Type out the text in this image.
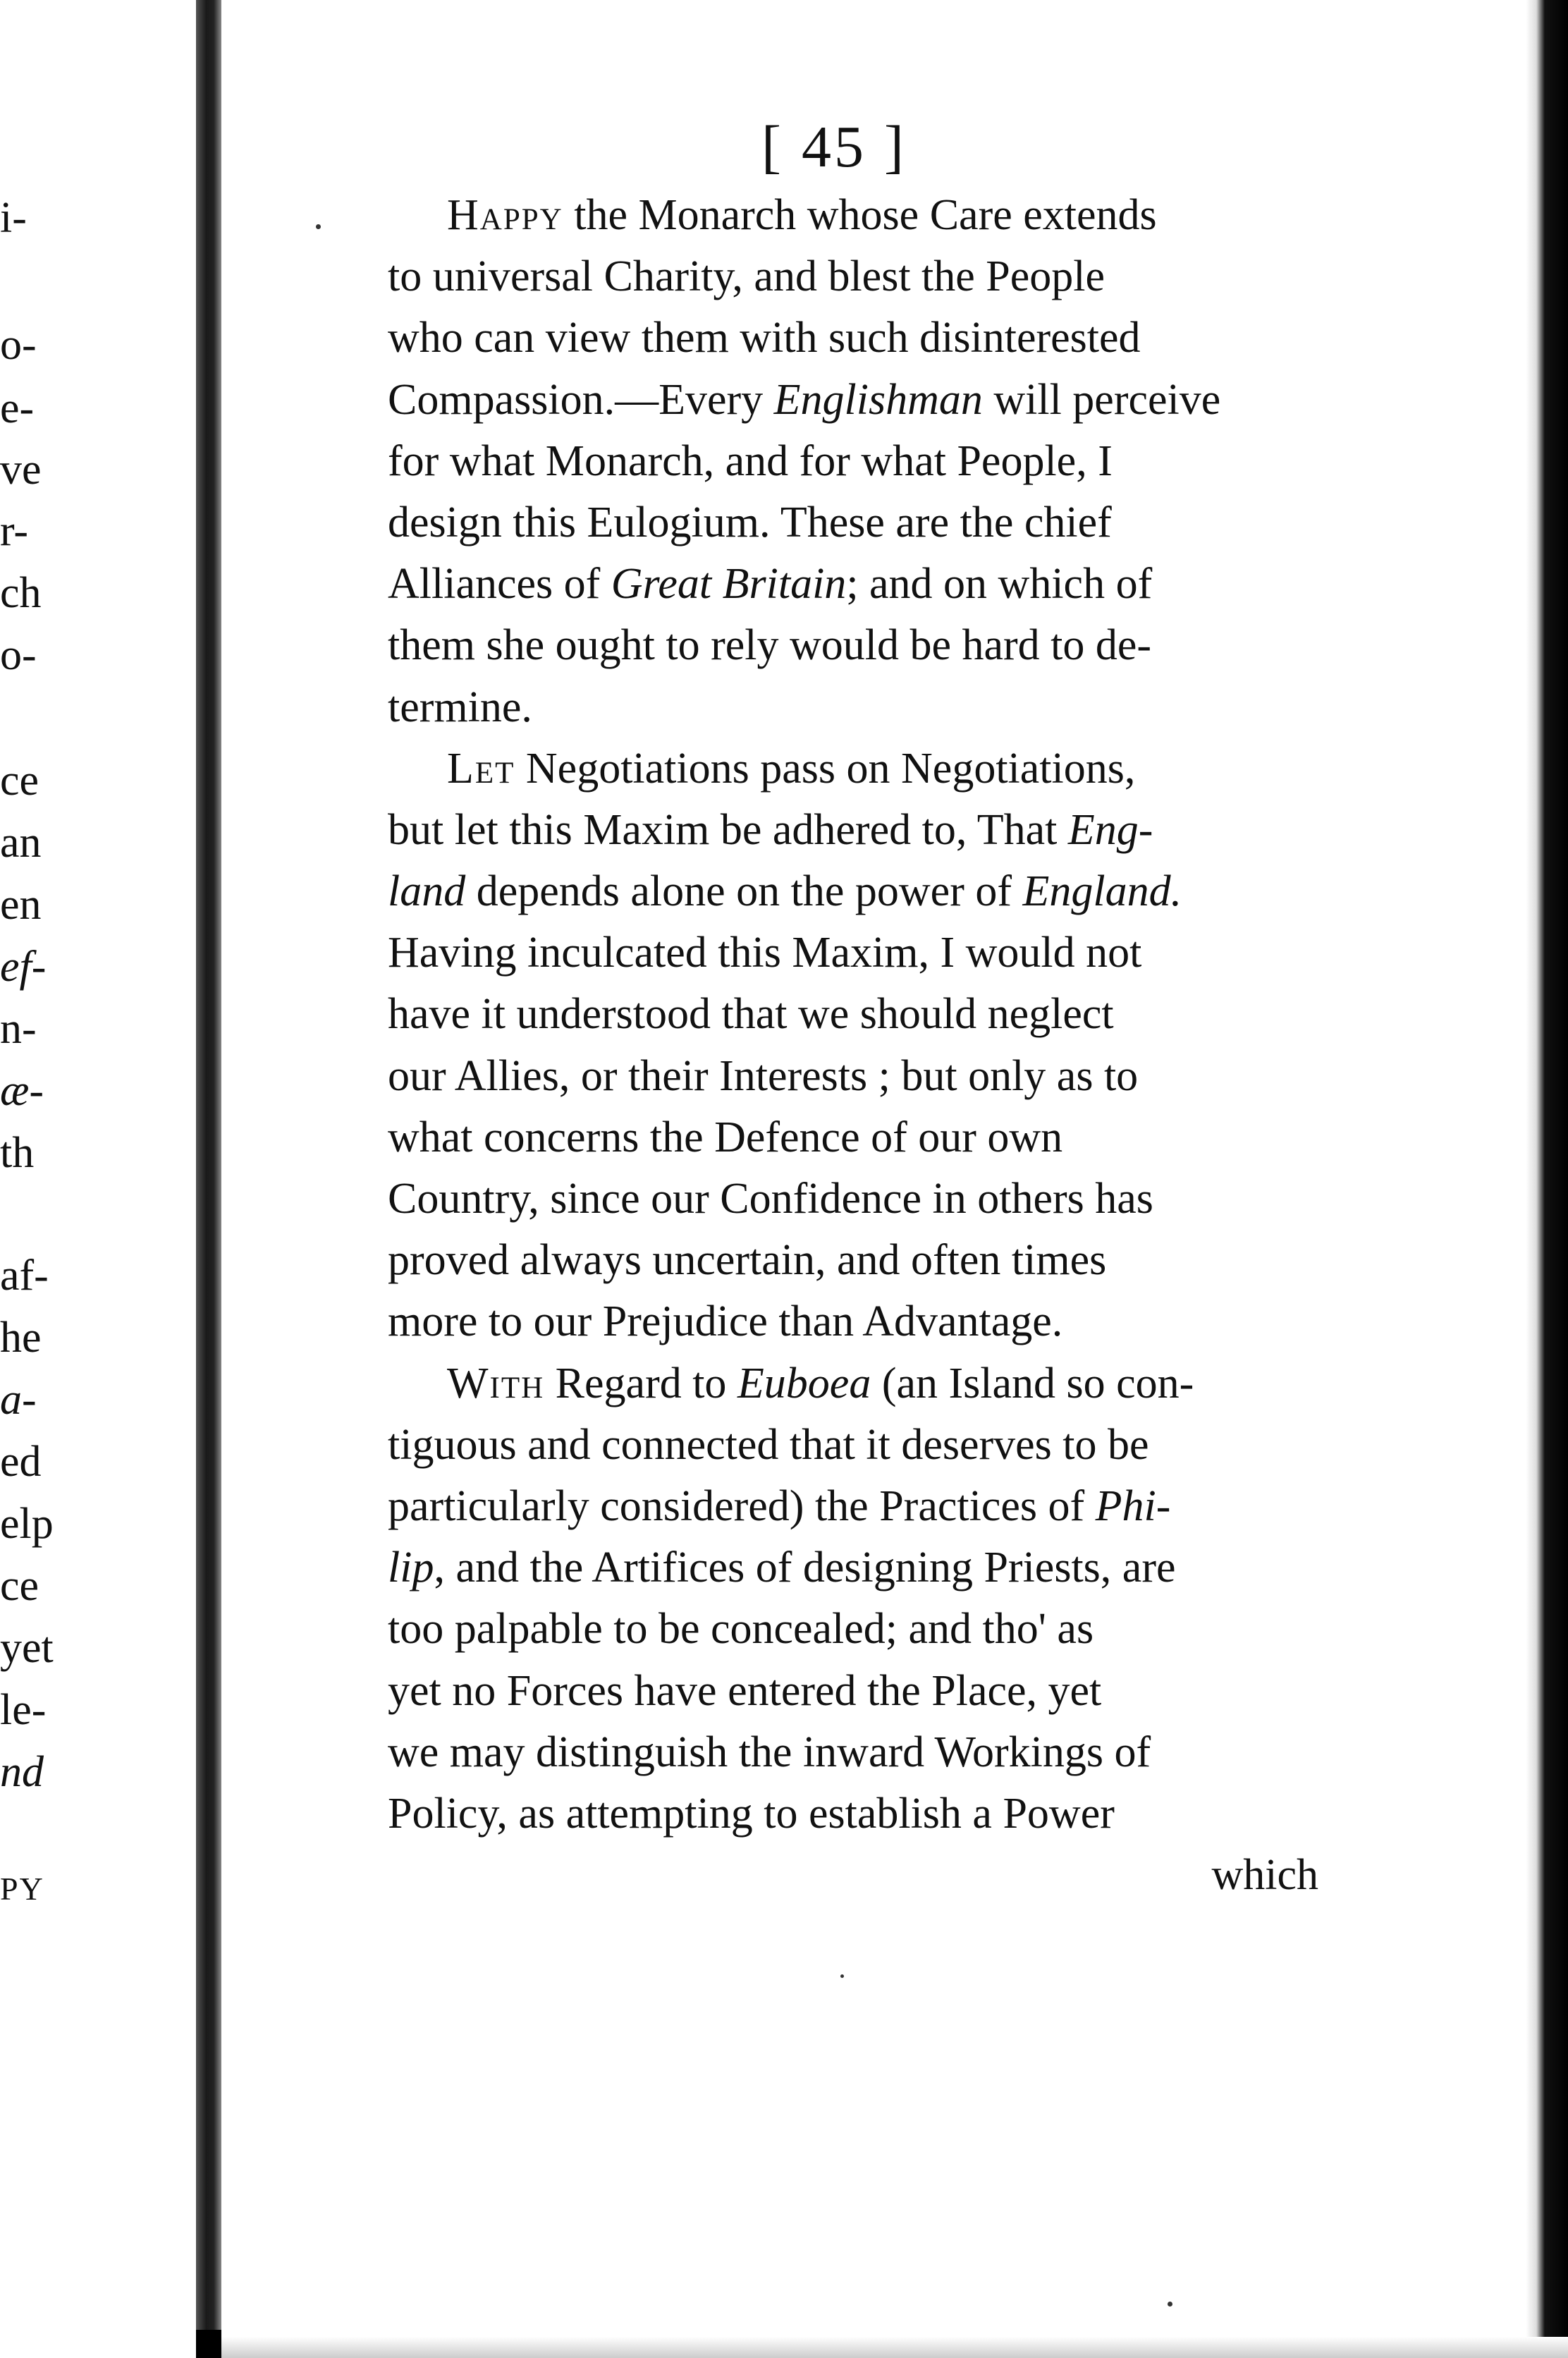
i-
o-
e-
ve
r-
ch
o-
ce
an
en
ef-
n-
æ-
th
af-
he
a-
ed
elp
ce
yet
le-
nd
PY
[ 45 ]
Happy the Monarch whose Care extends
to universal Charity, and blest the People
who can view them with such disinterested
Compassion.—Every Englishman will perceive
for what Monarch, and for what People, I
design this Eulogium. These are the chief
Alliances of Great Britain; and on which of
them she ought to rely would be hard to de-
termine.
Let Negotiations pass on Negotiations,
but let this Maxim be adhered to, That Eng-
land depends alone on the power of England.
Having inculcated this Maxim, I would not
have it understood that we should neglect
our Allies, or their Interests ; but only as to
what concerns the Defence of our own
Country, since our Confidence in others has
proved always uncertain, and often times
more to our Prejudice than Advantage.
With Regard to Euboea (an Island so con-
tiguous and connected that it deserves to be
particularly considered) the Practices of Phi-
lip, and the Artifices of designing Priests, are
too palpable to be concealed; and tho' as
yet no Forces have entered the Place, yet
we may distinguish the inward Workings of
Policy, as attempting to establish a Power
which
